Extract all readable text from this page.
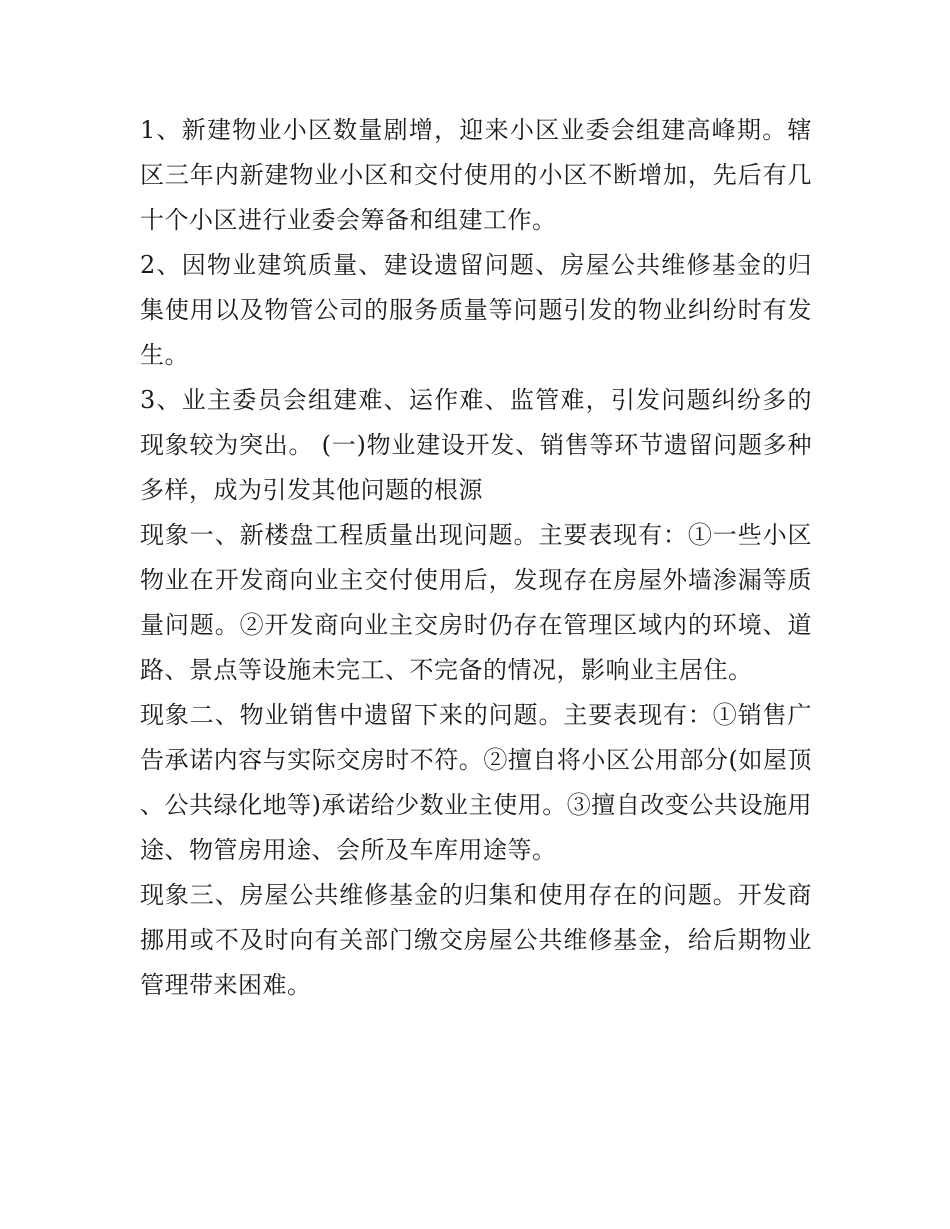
1、新建物业小区数量剧增，迎来小区业委会组建高峰期。辖区三年内新建物业小区和交付使用的小区不断增加，先后有几十个小区进行业委会筹备和组建工作。

2、因物业建筑质量、建设遗留问题、房屋公共维修基金的归集使用以及物管公司的服务质量等问题引发的物业纠纷时有发生。

3、业主委员会组建难、运作难、监管难，引发问题纠纷多的现象较为突出。 (一)物业建设开发、销售等环节遗留问题多种多样，成为引发其他问题的根源

现象一、新楼盘工程质量出现问题。主要表现有：①一些小区物业在开发商向业主交付使用后，发现存在房屋外墙渗漏等质量问题。②开发商向业主交房时仍存在管理区域内的环境、道路、景点等设施未完工、不完备的情况，影响业主居住。

现象二、物业销售中遗留下来的问题。主要表现有：①销售广告承诺内容与实际交房时不符。②擅自将小区公用部分(如屋顶、公共绿化地等)承诺给少数业主使用。③擅自改变公共设施用途、物管房用途、会所及车库用途等。

现象三、房屋公共维修基金的归集和使用存在的问题。开发商挪用或不及时向有关部门缴交房屋公共维修基金，给后期物业管理带来困难。
